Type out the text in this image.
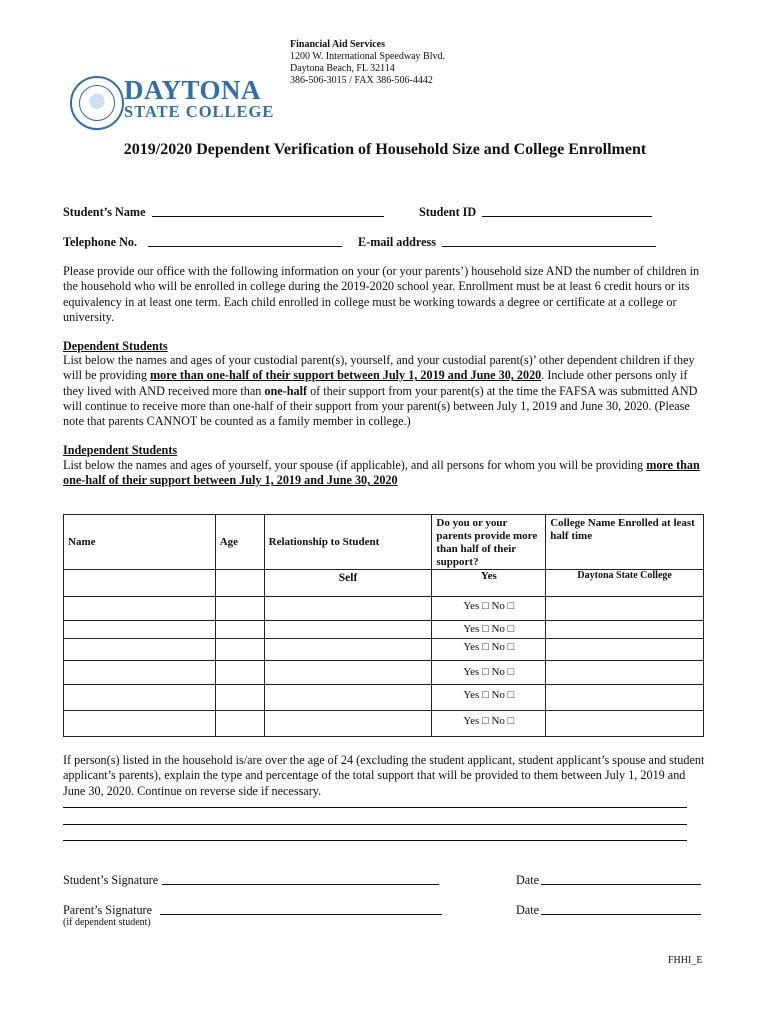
Financial Aid Services
1200 W. International Speedway Blvd.
Daytona Beach, FL 32114
386-506-3015 / FAX 386-506-4442
DAYTONA
STATE COLLEGE
2019/2020 Dependent Verification of Household Size and College Enrollment
Student’s Name	Student ID
Telephone No.	E-mail address
Please provide our office with the following information on your (or your parents’) household size AND the number of children in the household who will be enrolled in college during the 2019-2020 school year. Enrollment must be at least 6 credit hours or its equivalency in at least one term. Each child enrolled in college must be working towards a degree or certificate at a college or university.
Dependent Students
List below the names and ages of your custodial parent(s), yourself, and your custodial parent(s)’ other dependent children if they will be providing more than one-half of their support between July 1, 2019 and June 30, 2020. Include other persons only if they lived with AND received more than one-half of their support from your parent(s) at the time the FAFSA was submitted AND will continue to receive more than one-half of their support from your parent(s) between July 1, 2019 and June 30, 2020. (Please note that parents CANNOT be counted as a family member in college.)
Independent Students
List below the names and ages of yourself, your spouse (if applicable), and all persons for whom you will be providing more than one-half of their support between July 1, 2019 and June 30, 2020
Name	Age	Relationship to Student	Do you or your parents provide more than half of their support?	College Name Enrolled at least half time
		Self	Yes	Daytona State College
			Yes □ No □	
			Yes □ No □	
			Yes □ No □	
			Yes □ No □	
			Yes □ No □	
			Yes □ No □	
If person(s) listed in the household is/are over the age of 24 (excluding the student applicant, student applicant’s spouse and student applicant’s parents), explain the type and percentage of the total support that will be provided to them between July 1, 2019 and June 30, 2020. Continue on reverse side if necessary.
Student’s Signature	Date
Parent’s Signature	Date
(if dependent student)
FHHI_E
